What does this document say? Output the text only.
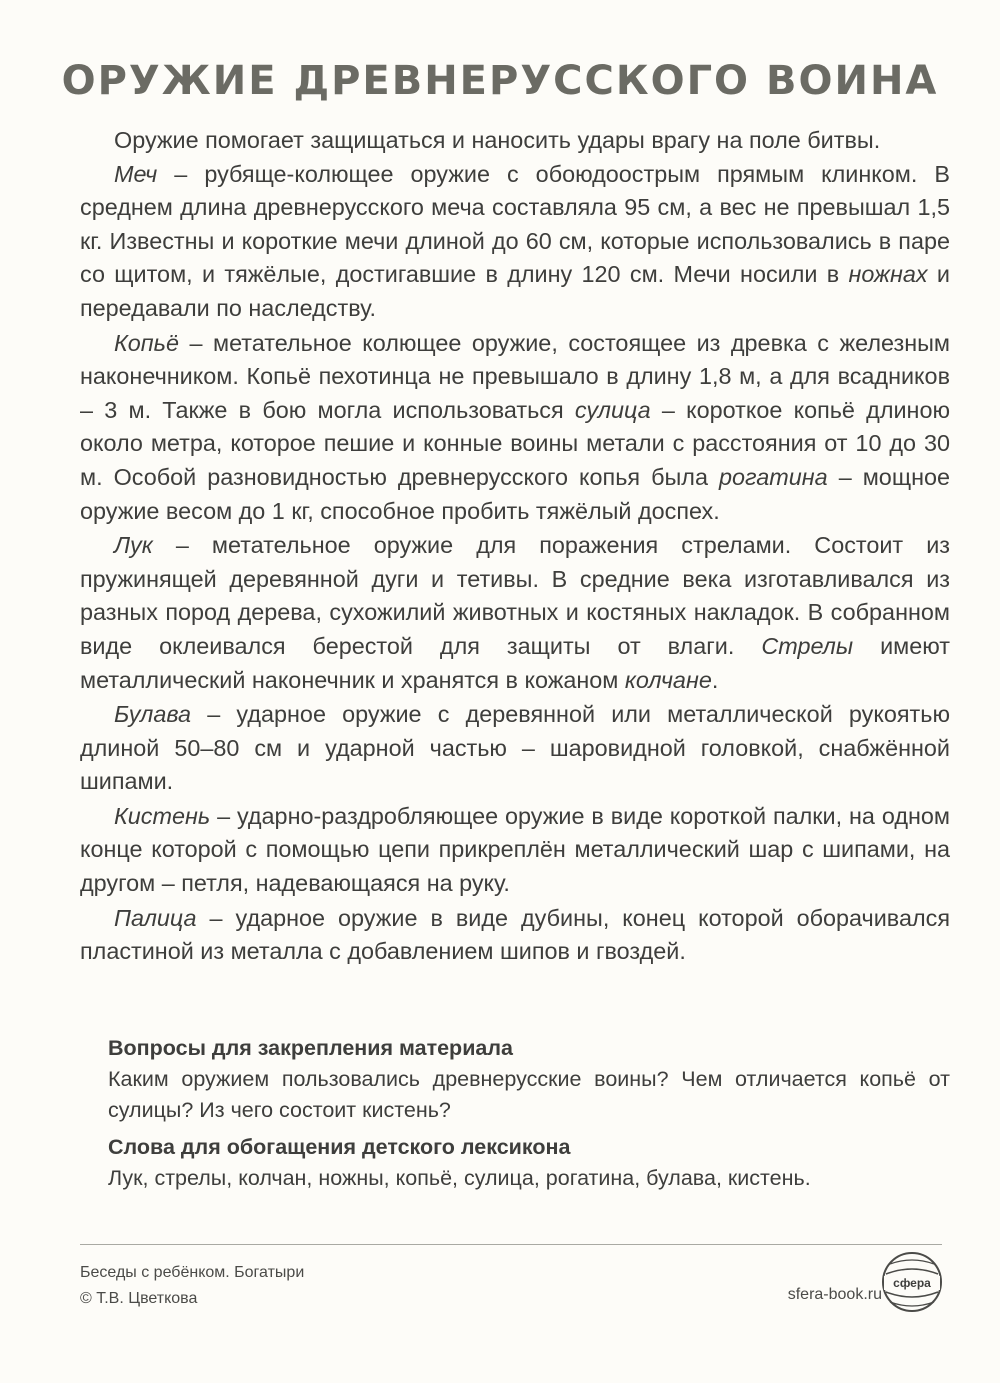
ОРУЖИЕ ДРЕВНЕРУССКОГО ВОИНА

Оружие помогает защищаться и наносить удары врагу на поле битвы.

Меч – рубяще-колющее оружие с обоюдоострым прямым клинком. В среднем длина древнерусского меча составляла 95 см, а вес не превышал 1,5 кг. Известны и короткие мечи длиной до 60 см, которые использовались в паре со щитом, и тяжёлые, достигавшие в длину 120 см. Мечи носили в ножнах и передавали по наследству.

Копьё – метательное колющее оружие, состоящее из древка с железным наконечником. Копьё пехотинца не превышало в длину 1,8 м, а для всадников – 3 м. Также в бою могла использоваться сулица – короткое копьё длиною около метра, которое пешие и конные воины метали с расстояния от 10 до 30 м. Особой разновидностью древнерусского копья была рогатина – мощное оружие весом до 1 кг, способное пробить тяжёлый доспех.

Лук – метательное оружие для поражения стрелами. Состоит из пружинящей деревянной дуги и тетивы. В средние века изготавливался из разных пород дерева, сухожилий животных и костяных накладок. В собранном виде оклеивался берестой для защиты от влаги. Стрелы имеют металлический наконечник и хранятся в кожаном колчане.

Булава – ударное оружие с деревянной или металлической рукоятью длиной 50–80 см и ударной частью – шаровидной головкой, снабжённой шипами.

Кистень – ударно-раздробляющее оружие в виде короткой палки, на одном конце которой с помощью цепи прикреплён металлический шар с шипами, на другом – петля, надевающаяся на руку.

Палица – ударное оружие в виде дубины, конец которой оборачивался пластиной из металла с добавлением шипов и гвоздей.

Вопросы для закрепления материала

Каким оружием пользовались древнерусские воины? Чем отличается копьё от сулицы? Из чего состоит кистень?

Слова для обогащения детского лексикона

Лук, стрелы, колчан, ножны, копьё, сулица, рогатина, булава, кистень.

Беседы с ребёнком. Богатыри
© Т.В. Цветкова	sfera-book.ru
сфера
